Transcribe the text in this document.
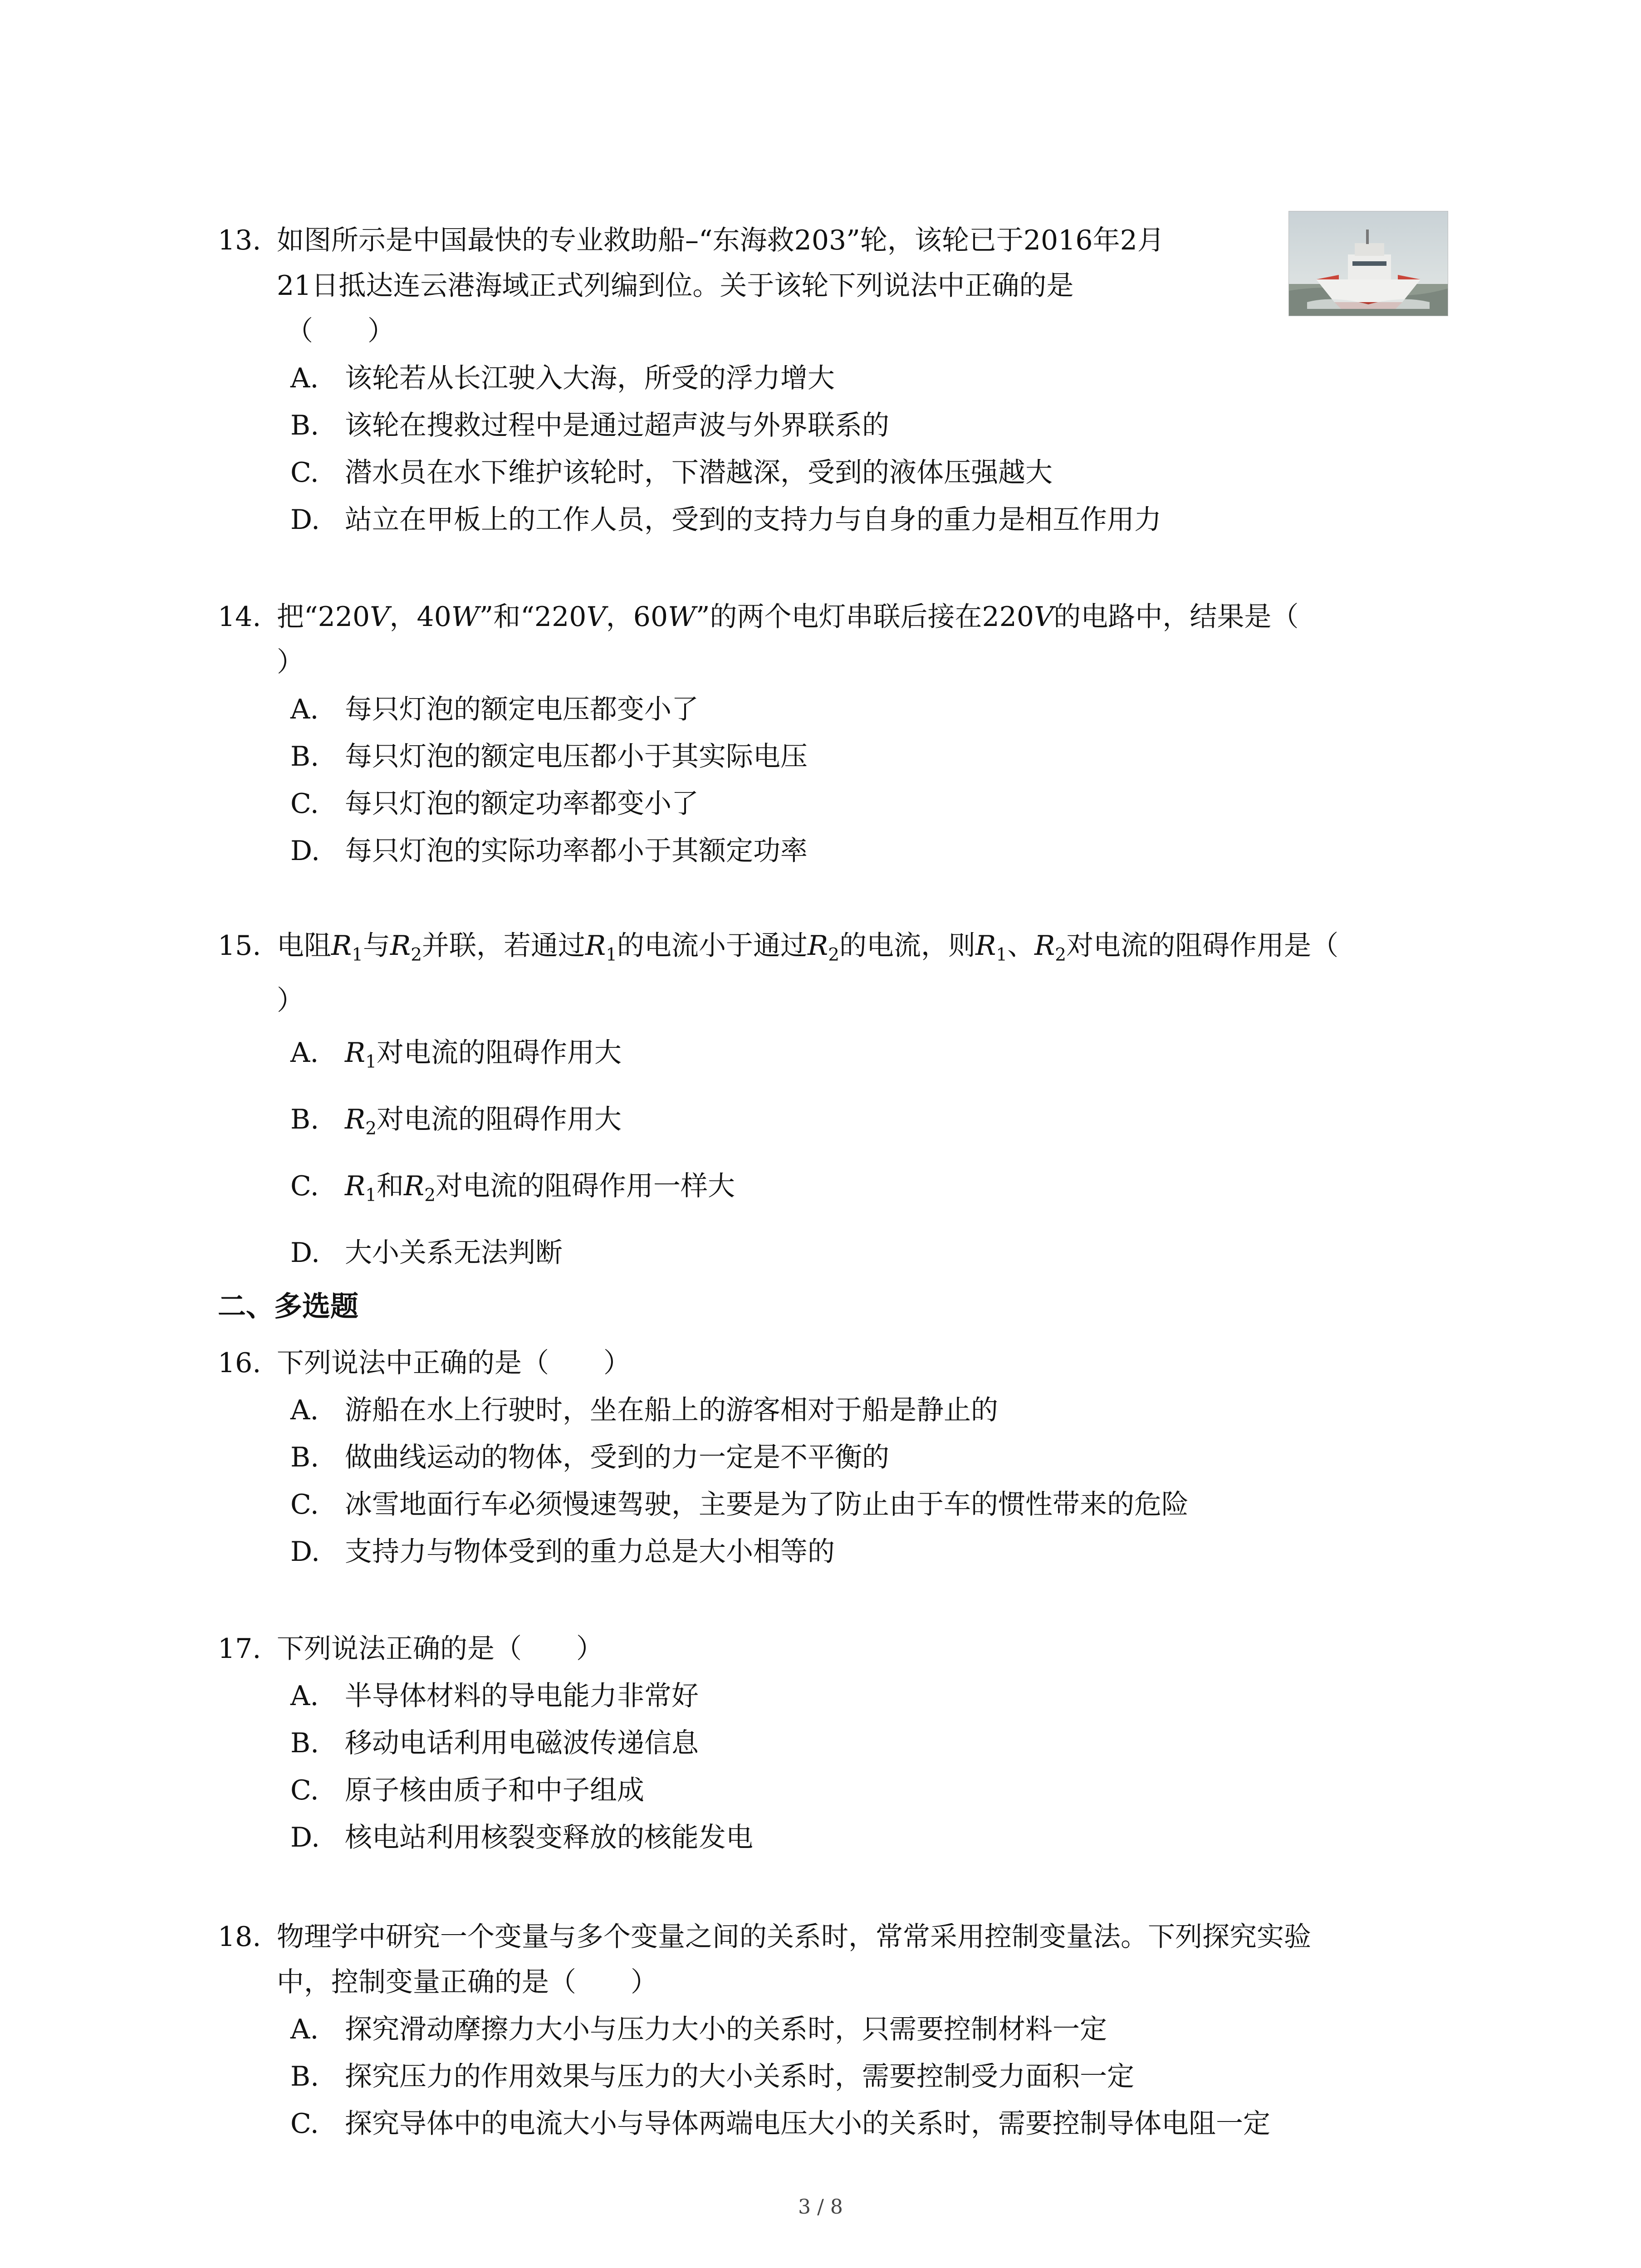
13. 如图所示是中国最快的专业救助船–“东海救203”轮，该轮已于2016年2月
21日抵达连云港海域正式列编到位。关于该轮下列说法中正确的是
（　　）

A. 该轮若从长江驶入大海，所受的浮力增大

B. 该轮在搜救过程中是通过超声波与外界联系的

C. 潜水员在水下维护该轮时，下潜越深，受到的液体压强越大

D. 站立在甲板上的工作人员，受到的支持力与自身的重力是相互作用力

14. 把“220V，40W”和“220V，60W”的两个电灯串联后接在220V的电路中，结果是（
）

A. 每只灯泡的额定电压都变小了

B. 每只灯泡的额定电压都小于其实际电压

C. 每只灯泡的额定功率都变小了

D. 每只灯泡的实际功率都小于其额定功率

15. 电阻$R_1$与$R_2$并联，若通过$R_1$的电流小于通过$R_2$的电流，则$R_1$、$R_2$对电流的阻碍作用是（
）

A. $R_1$对电流的阻碍作用大

B. $R_2$对电流的阻碍作用大

C. $R_1$和$R_2$对电流的阻碍作用一样大

D. 大小关系无法判断

二、多选题

16. 下列说法中正确的是（　　）

A. 游船在水上行驶时，坐在船上的游客相对于船是静止的

B. 做曲线运动的物体，受到的力一定是不平衡的

C. 冰雪地面行车必须慢速驾驶，主要是为了防止由于车的惯性带来的危险

D. 支持力与物体受到的重力总是大小相等的

17. 下列说法正确的是（　　）

A. 半导体材料的导电能力非常好

B. 移动电话利用电磁波传递信息

C. 原子核由质子和中子组成

D. 核电站利用核裂变释放的核能发电

18. 物理学中研究一个变量与多个变量之间的关系时，常常采用控制变量法。下列探究实验
中，控制变量正确的是（　　）

A. 探究滑动摩擦力大小与压力大小的关系时，只需要控制材料一定

B. 探究压力的作用效果与压力的大小关系时，需要控制受力面积一定

C. 探究导体中的电流大小与导体两端电压大小的关系时，需要控制导体电阻一定

3 / 8
